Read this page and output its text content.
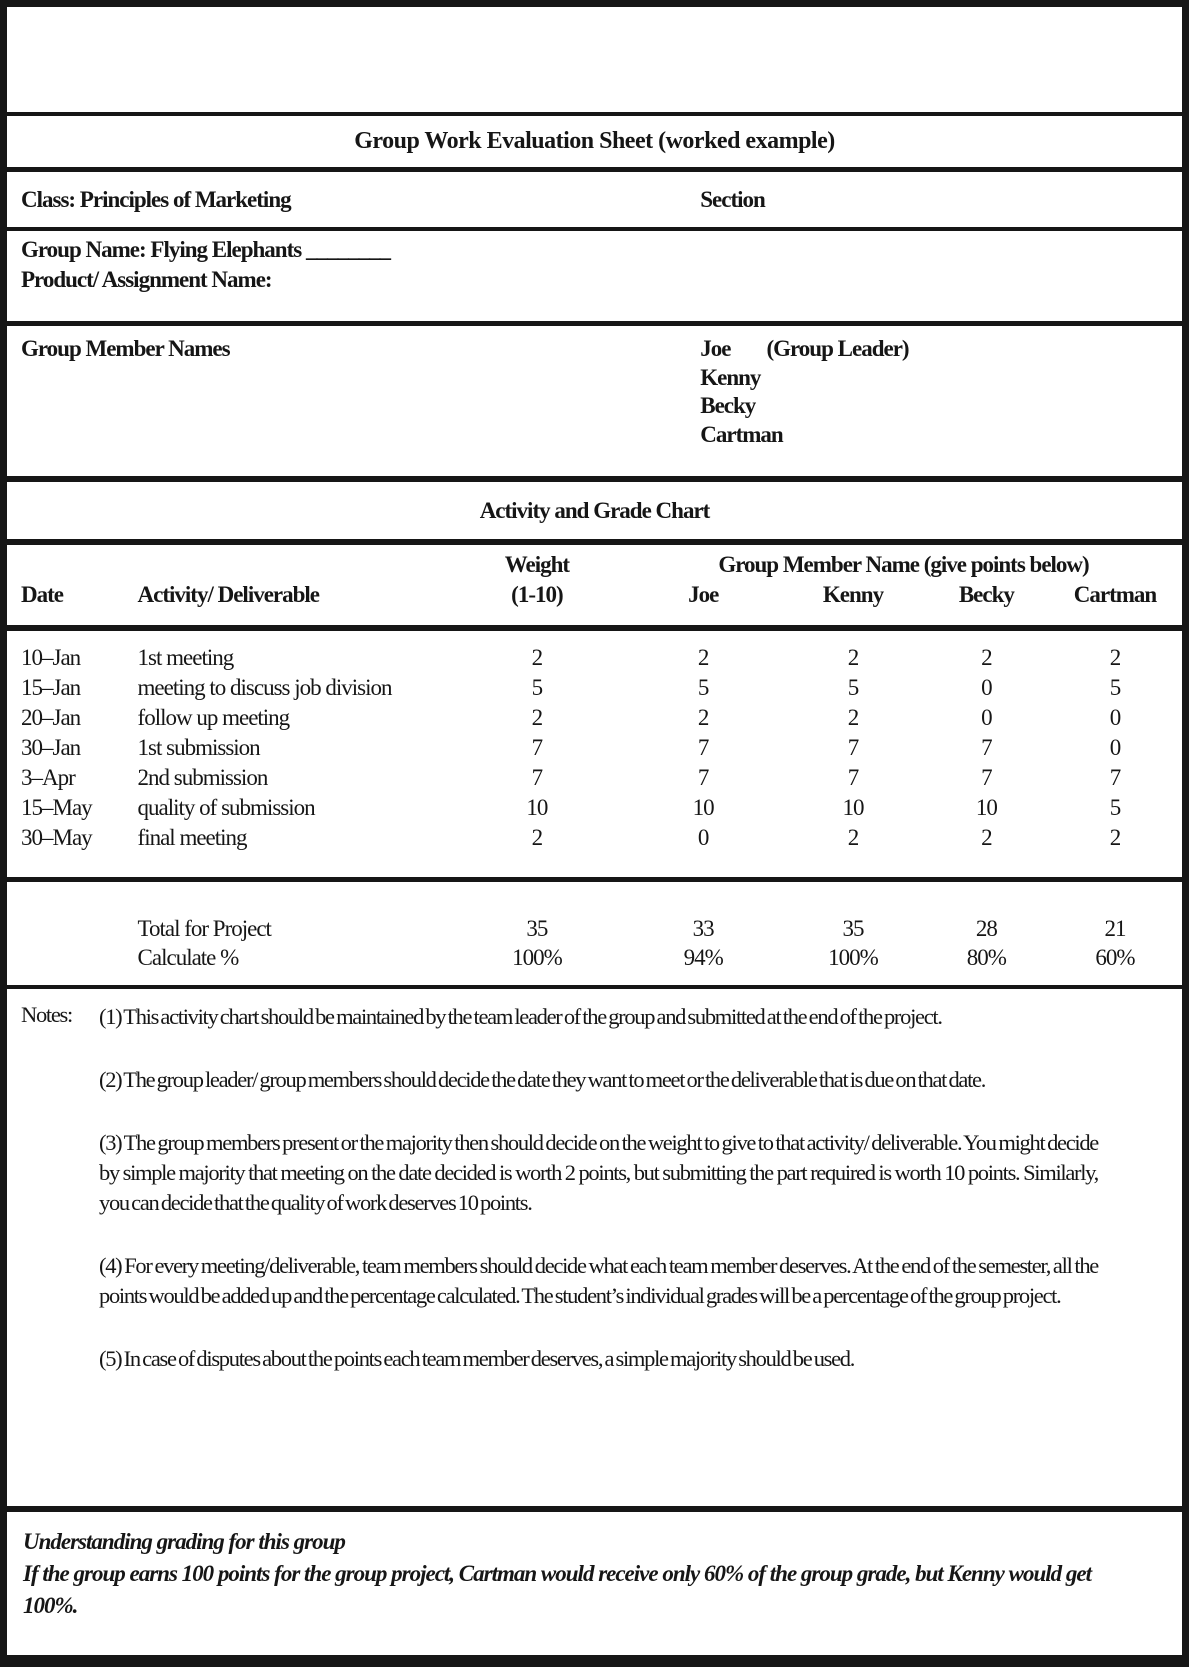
Group Work Evaluation Sheet (worked example)
Class: Principles of Marketing	Section
Group Name: Flying Elephants ________
Product/ Assignment Name:
Group Member Names	Joe (Group Leader)
Kenny
Becky
Cartman
Activity and Grade Chart
		Weight	Group Member Name (give points below)			
Date	Activity/ Deliverable	(1-10)	Joe	Kenny	Becky	Cartman
10–Jan	1st meeting	2	2	2	2	2
15–Jan	meeting to discuss job division	5	5	5	0	5
20–Jan	follow up meeting	2	2	2	0	0
30–Jan	1st submission	7	7	7	7	0
3–Apr	2nd submission	7	7	7	7	7
15–May	quality of submission	10	10	10	10	5
30–May	final meeting	2	0	2	2	2
	Total for Project	35	33	35	28	21
	Calculate %	100%	94%	100%	80%	60%
Notes:	(1) This activity chart should be maintained by the team leader of the group and submitted at the end of the project.

(2) The group leader/ group members should decide the date they want to meet or the deliverable that is due on that date.

(3) The group members present or the majority then should decide on the weight to give to that activity/ deliverable. You might decide by simple majority that meeting on the date decided is worth 2 points, but submitting the part required is worth 10 points. Similarly, you can decide that the quality of work deserves 10 points.

(4) For every meeting/deliverable, team members should decide what each team member deserves. At the end of the semester, all the points would be added up and the percentage calculated. The student’s individual grades will be a percentage of the group project.

(5) In case of disputes about the points each team member deserves, a simple majority should be used.

Understanding grading for this group

If the group earns 100 points for the group project, Cartman would receive only 60% of the group grade, but Kenny would get 100%.
